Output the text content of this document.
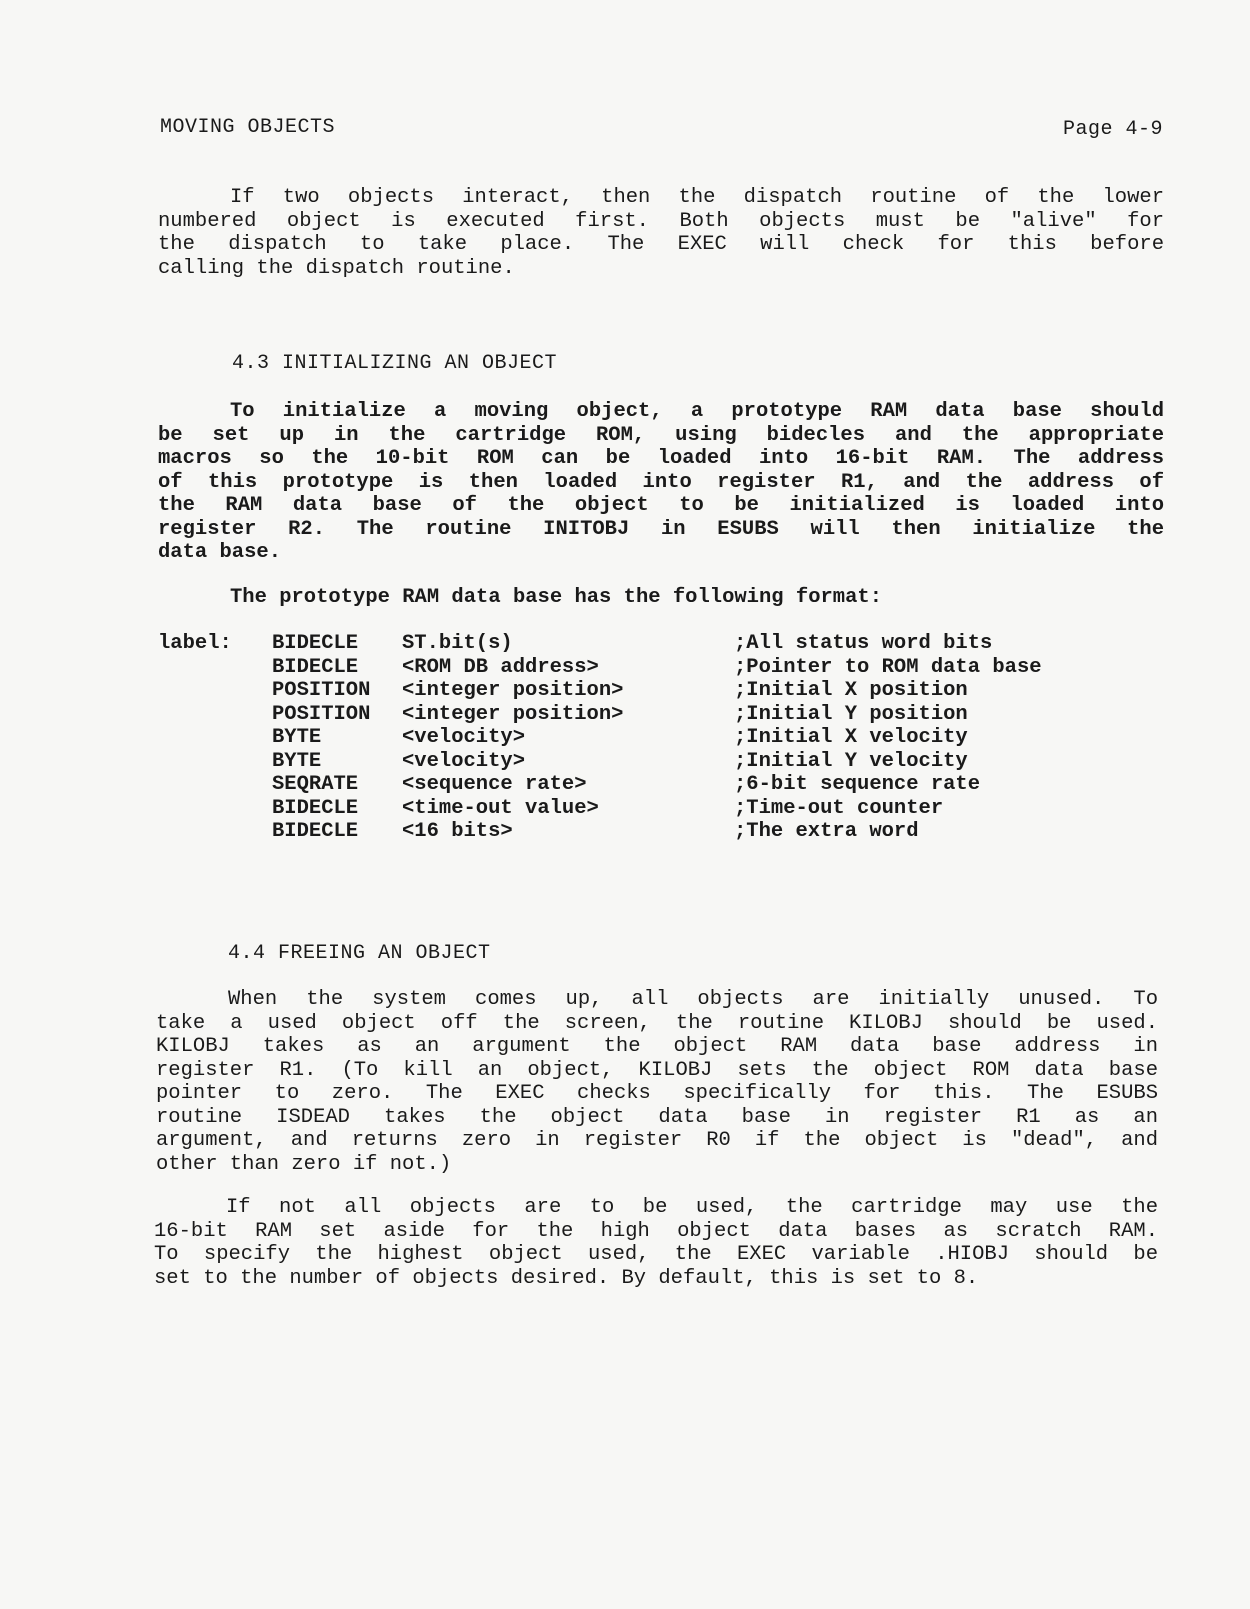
MOVING OBJECTS	Page 4-9
If two objects interact, then the dispatch routine of the lower
numbered object is executed first. Both objects must be "alive" for
the dispatch to take place. The EXEC will check for this before
calling the dispatch routine.
4.3 INITIALIZING AN OBJECT
To initialize a moving object, a prototype RAM data base should
be set up in the cartridge ROM, using bidecles and the appropriate
macros so the 10-bit ROM can be loaded into 16-bit RAM. The address
of this prototype is then loaded into register R1, and the address of
the RAM data base of the object to be initialized is loaded into
register R2. The routine INITOBJ in ESUBS will then initialize the
data base.
The prototype RAM data base has the following format:
label:	BIDECLE	ST.bit(s)	;All status word bits
	BIDECLE	<ROM DB address>	;Pointer to ROM data base
	POSITION	<integer position>	;Initial X position
	POSITION	<integer position>	;Initial Y position
	BYTE	<velocity>	;Initial X velocity
	BYTE	<velocity>	;Initial Y velocity
	SEQRATE	<sequence rate>	;6-bit sequence rate
	BIDECLE	<time-out value>	;Time-out counter
	BIDECLE	<16 bits>	;The extra word
4.4 FREEING AN OBJECT
When the system comes up, all objects are initially unused. To
take a used object off the screen, the routine KILOBJ should be used.
KILOBJ takes as an argument the object RAM data base address in
register R1. (To kill an object, KILOBJ sets the object ROM data base
pointer to zero. The EXEC checks specifically for this. The ESUBS
routine ISDEAD takes the object data base in register R1 as an
argument, and returns zero in register R0 if the object is "dead", and
other than zero if not.)
If not all objects are to be used, the cartridge may use the
16-bit RAM set aside for the high object data bases as scratch RAM.
To specify the highest object used, the EXEC variable .HIOBJ should be
set to the number of objects desired. By default, this is set to 8.
